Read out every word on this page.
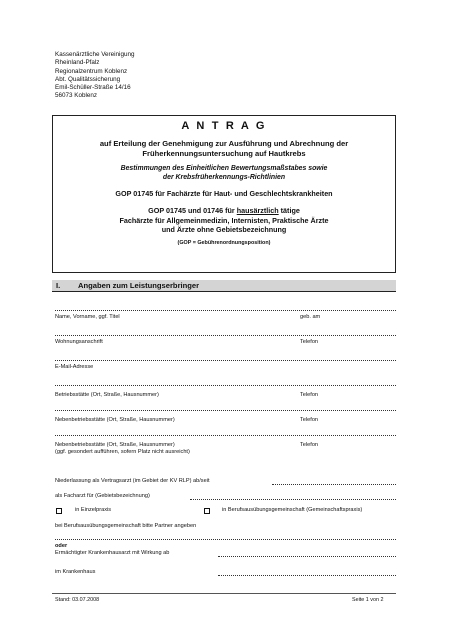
Kassenärztliche Vereinigung
Rheinland-Pfalz
Regionalzentrum Koblenz
Abt. Qualitätssicherung
Emil-Schüller-Straße 14/16
56073 Koblenz
A N T R A G
auf Erteilung der Genehmigung zur Ausführung und Abrechnung der
Früherkennungsuntersuchung auf Hautkrebs
Bestimmungen des Einheitlichen Bewertungsmaßstabes sowie
der Krebsfrüherkennungs-Richtlinien
GOP 01745 für Fachärzte für Haut- und Geschlechtskrankheiten
GOP 01745 und 01746 für hausärztlich tätige
Fachärzte für Allgemeinmedizin, Internisten, Praktische Ärzte
und Ärzte ohne Gebietsbezeichnung
(GOP = Gebührenordnungsposition)
I. Angaben zum Leistungserbringer
Name, Vorname, ggf. Titel	geb. am
Wohnungsanschrift	Telefon
E-Mail-Adresse
Betriebsstätte (Ort, Straße, Hausnummer)	Telefon
Nebenbetriebsstätte (Ort, Straße, Hausnummer)	Telefon
Nebenbetriebsstätte (Ort, Straße, Hausnummer)	Telefon
(ggf. gesondert aufführen, sofern Platz nicht ausreicht)
Niederlassung als Vertragsarzt (im Gebiet der KV RLP) ab/seit
als Facharzt für (Gebietsbezeichnung)
in Einzelpraxis	in Berufsausübungsgemeinschaft (Gemeinschaftspraxis)
bei Berufsausübungsgemeinschaft bitte Partner angeben
oder
Ermächtigter Krankenhausarzt mit Wirkung ab
im Krankenhaus
Stand: 03.07.2008	Seite 1 von 2
